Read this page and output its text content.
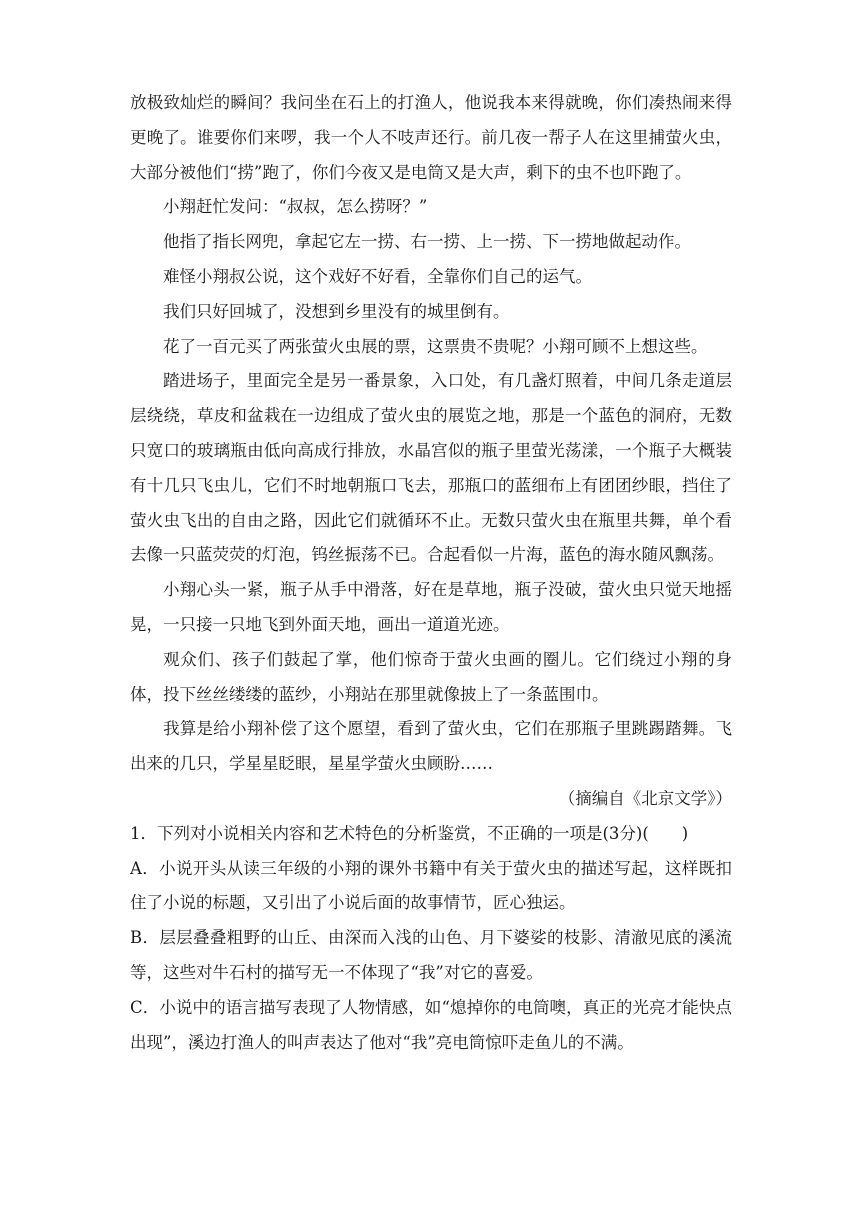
放极致灿烂的瞬间？我问坐在石上的打渔人，他说我本来得就晚，你们凑热闹来得更晚了。谁要你们来啰，我一个人不吱声还行。前几夜一帮子人在这里捕萤火虫，大部分被他们“捞”跑了，你们今夜又是电筒又是大声，剩下的虫不也吓跑了。

小翔赶忙发问：“叔叔，怎么捞呀？”

他指了指长网兜，拿起它左一捞、右一捞、上一捞、下一捞地做起动作。

难怪小翔叔公说，这个戏好不好看，全靠你们自己的运气。

我们只好回城了，没想到乡里没有的城里倒有。

花了一百元买了两张萤火虫展的票，这票贵不贵呢？小翔可顾不上想这些。

踏进场子，里面完全是另一番景象，入口处，有几盏灯照着，中间几条走道层层绕绕，草皮和盆栽在一边组成了萤火虫的展览之地，那是一个蓝色的洞府，无数只宽口的玻璃瓶由低向高成行排放，水晶宫似的瓶子里萤光荡漾，一个瓶子大概装有十几只飞虫儿，它们不时地朝瓶口飞去，那瓶口的蓝细布上有团团纱眼，挡住了萤火虫飞出的自由之路，因此它们就循环不止。无数只萤火虫在瓶里共舞，单个看去像一只蓝荧荧的灯泡，钨丝振荡不已。合起看似一片海，蓝色的海水随风飘荡。

小翔心头一紧，瓶子从手中滑落，好在是草地，瓶子没破，萤火虫只觉天地摇晃，一只接一只地飞到外面天地，画出一道道光迹。

观众们、孩子们鼓起了掌，他们惊奇于萤火虫画的圈儿。它们绕过小翔的身体，投下丝丝缕缕的蓝纱，小翔站在那里就像披上了一条蓝围巾。

我算是给小翔补偿了这个愿望，看到了萤火虫，它们在那瓶子里跳踢踏舞。飞出来的几只，学星星眨眼，星星学萤火虫顾盼……

（摘编自《北京文学》）

1．下列对小说相关内容和艺术特色的分析鉴赏，不正确的一项是(3分)(　　)

A．小说开头从读三年级的小翔的课外书籍中有关于萤火虫的描述写起，这样既扣住了小说的标题，又引出了小说后面的故事情节，匠心独运。

B．层层叠叠粗野的山丘、由深而入浅的山色、月下婆娑的枝影、清澈见底的溪流等，这些对牛石村的描写无一不体现了“我”对它的喜爱。

C．小说中的语言描写表现了人物情感，如“熄掉你的电筒噢，真正的光亮才能快点出现”，溪边打渔人的叫声表达了他对“我”亮电筒惊吓走鱼儿的不满。
